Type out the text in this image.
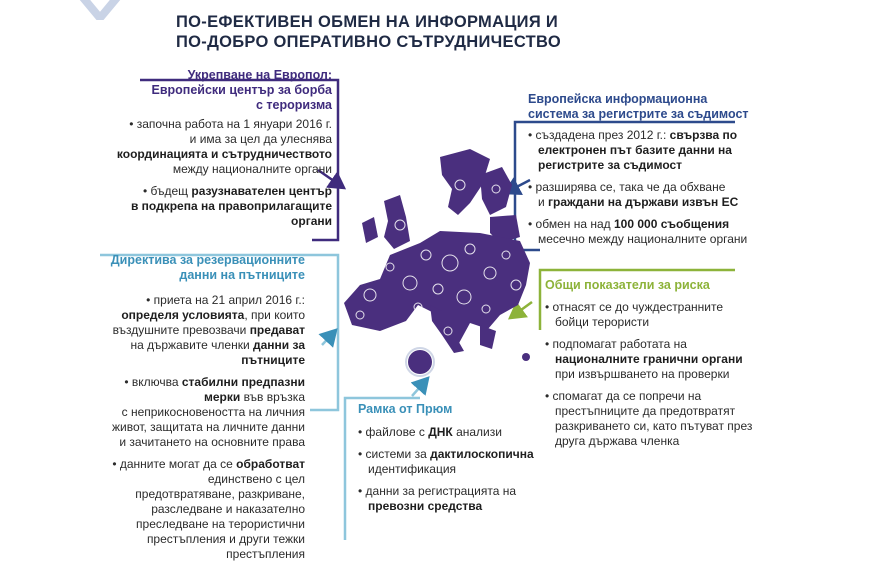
ПО-ЕФЕКТИВЕН ОБМЕН НА ИНФОРМАЦИЯ И
ПО-ДОБРО ОПЕРАТИВНО СЪТРУДНИЧЕСТВО
Укрепване на Европол:
Европейски център за борба
с тероризма
• започна работа на 1 януари 2016 г.
и има за цел да улеснява
координацията и сътрудничеството
между националните органи
• бъдещ разузнавателен център
в подкрепа на правоприлагащите
органи
Директива за резервационните
данни на пътниците
• приета на 21 април 2016 г.:
определя условията, при които
въздушните превозвачи предават
на държавите членки данни за
пътниците
• включва стабилни предпазни
мерки във връзка
с неприкосновеността на личния
живот, защитата на личните данни
и зачитането на основните права
• данните могат да се обработват
единствено с цел
предотвратяване, разкриване,
разследване и наказателно
преследване на терористични
престъпления и други тежки
престъпления
Европейска информационна
система за регистрите за съдимост
• създадена през 2012 г.: свързва по
електронен път базите данни на
регистрите за съдимост
• разширява се, така че да обхване
и граждани на държави извън ЕС
• обмен на над 100 000 съобщения
месечно между националните органи
Общи показатели за риска
• отнасят се до чуждестранните
бойци терористи
• подпомагат работата на
националните гранични органи
при извършването на проверки
• спомагат да се попречи на
престъпниците да предотвратят
разкриването си, като пътуват през
друга държава членка
Рамка от Прюм
• файлове с ДНК анализи
• системи за дактилоскопична
идентификация
• данни за регистрацията на
превозни средства
